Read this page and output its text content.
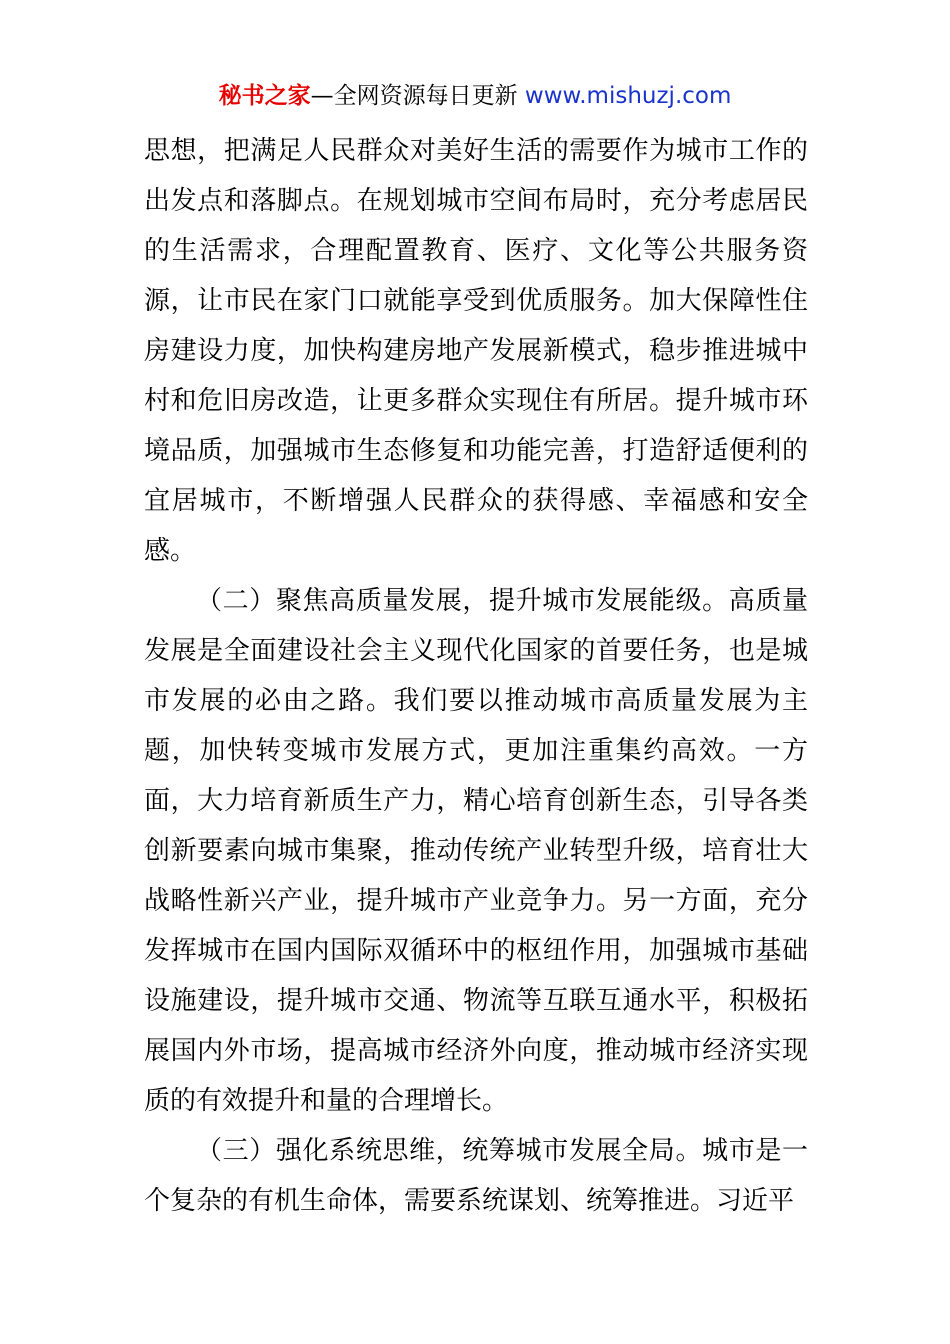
秘书之家—全网资源每日更新 www.mishuzj.com

思想，把满足人民群众对美好生活的需要作为城市工作的出发点和落脚点。在规划城市空间布局时，充分考虑居民的生活需求，合理配置教育、医疗、文化等公共服务资源，让市民在家门口就能享受到优质服务。加大保障性住房建设力度，加快构建房地产发展新模式，稳步推进城中村和危旧房改造，让更多群众实现住有所居。提升城市环境品质，加强城市生态修复和功能完善，打造舒适便利的宜居城市，不断增强人民群众的获得感、幸福感和安全感。

（二）聚焦高质量发展，提升城市发展能级。高质量发展是全面建设社会主义现代化国家的首要任务，也是城市发展的必由之路。我们要以推动城市高质量发展为主题，加快转变城市发展方式，更加注重集约高效。一方面，大力培育新质生产力，精心培育创新生态，引导各类创新要素向城市集聚，推动传统产业转型升级，培育壮大战略性新兴产业，提升城市产业竞争力。另一方面，充分发挥城市在国内国际双循环中的枢纽作用，加强城市基础设施建设，提升城市交通、物流等互联互通水平，积极拓展国内外市场，提高城市经济外向度，推动城市经济实现质的有效提升和量的合理增长。

（三）强化系统思维，统筹城市发展全局。城市是一个复杂的有机生命体，需要系统谋划、统筹推进。习近平
